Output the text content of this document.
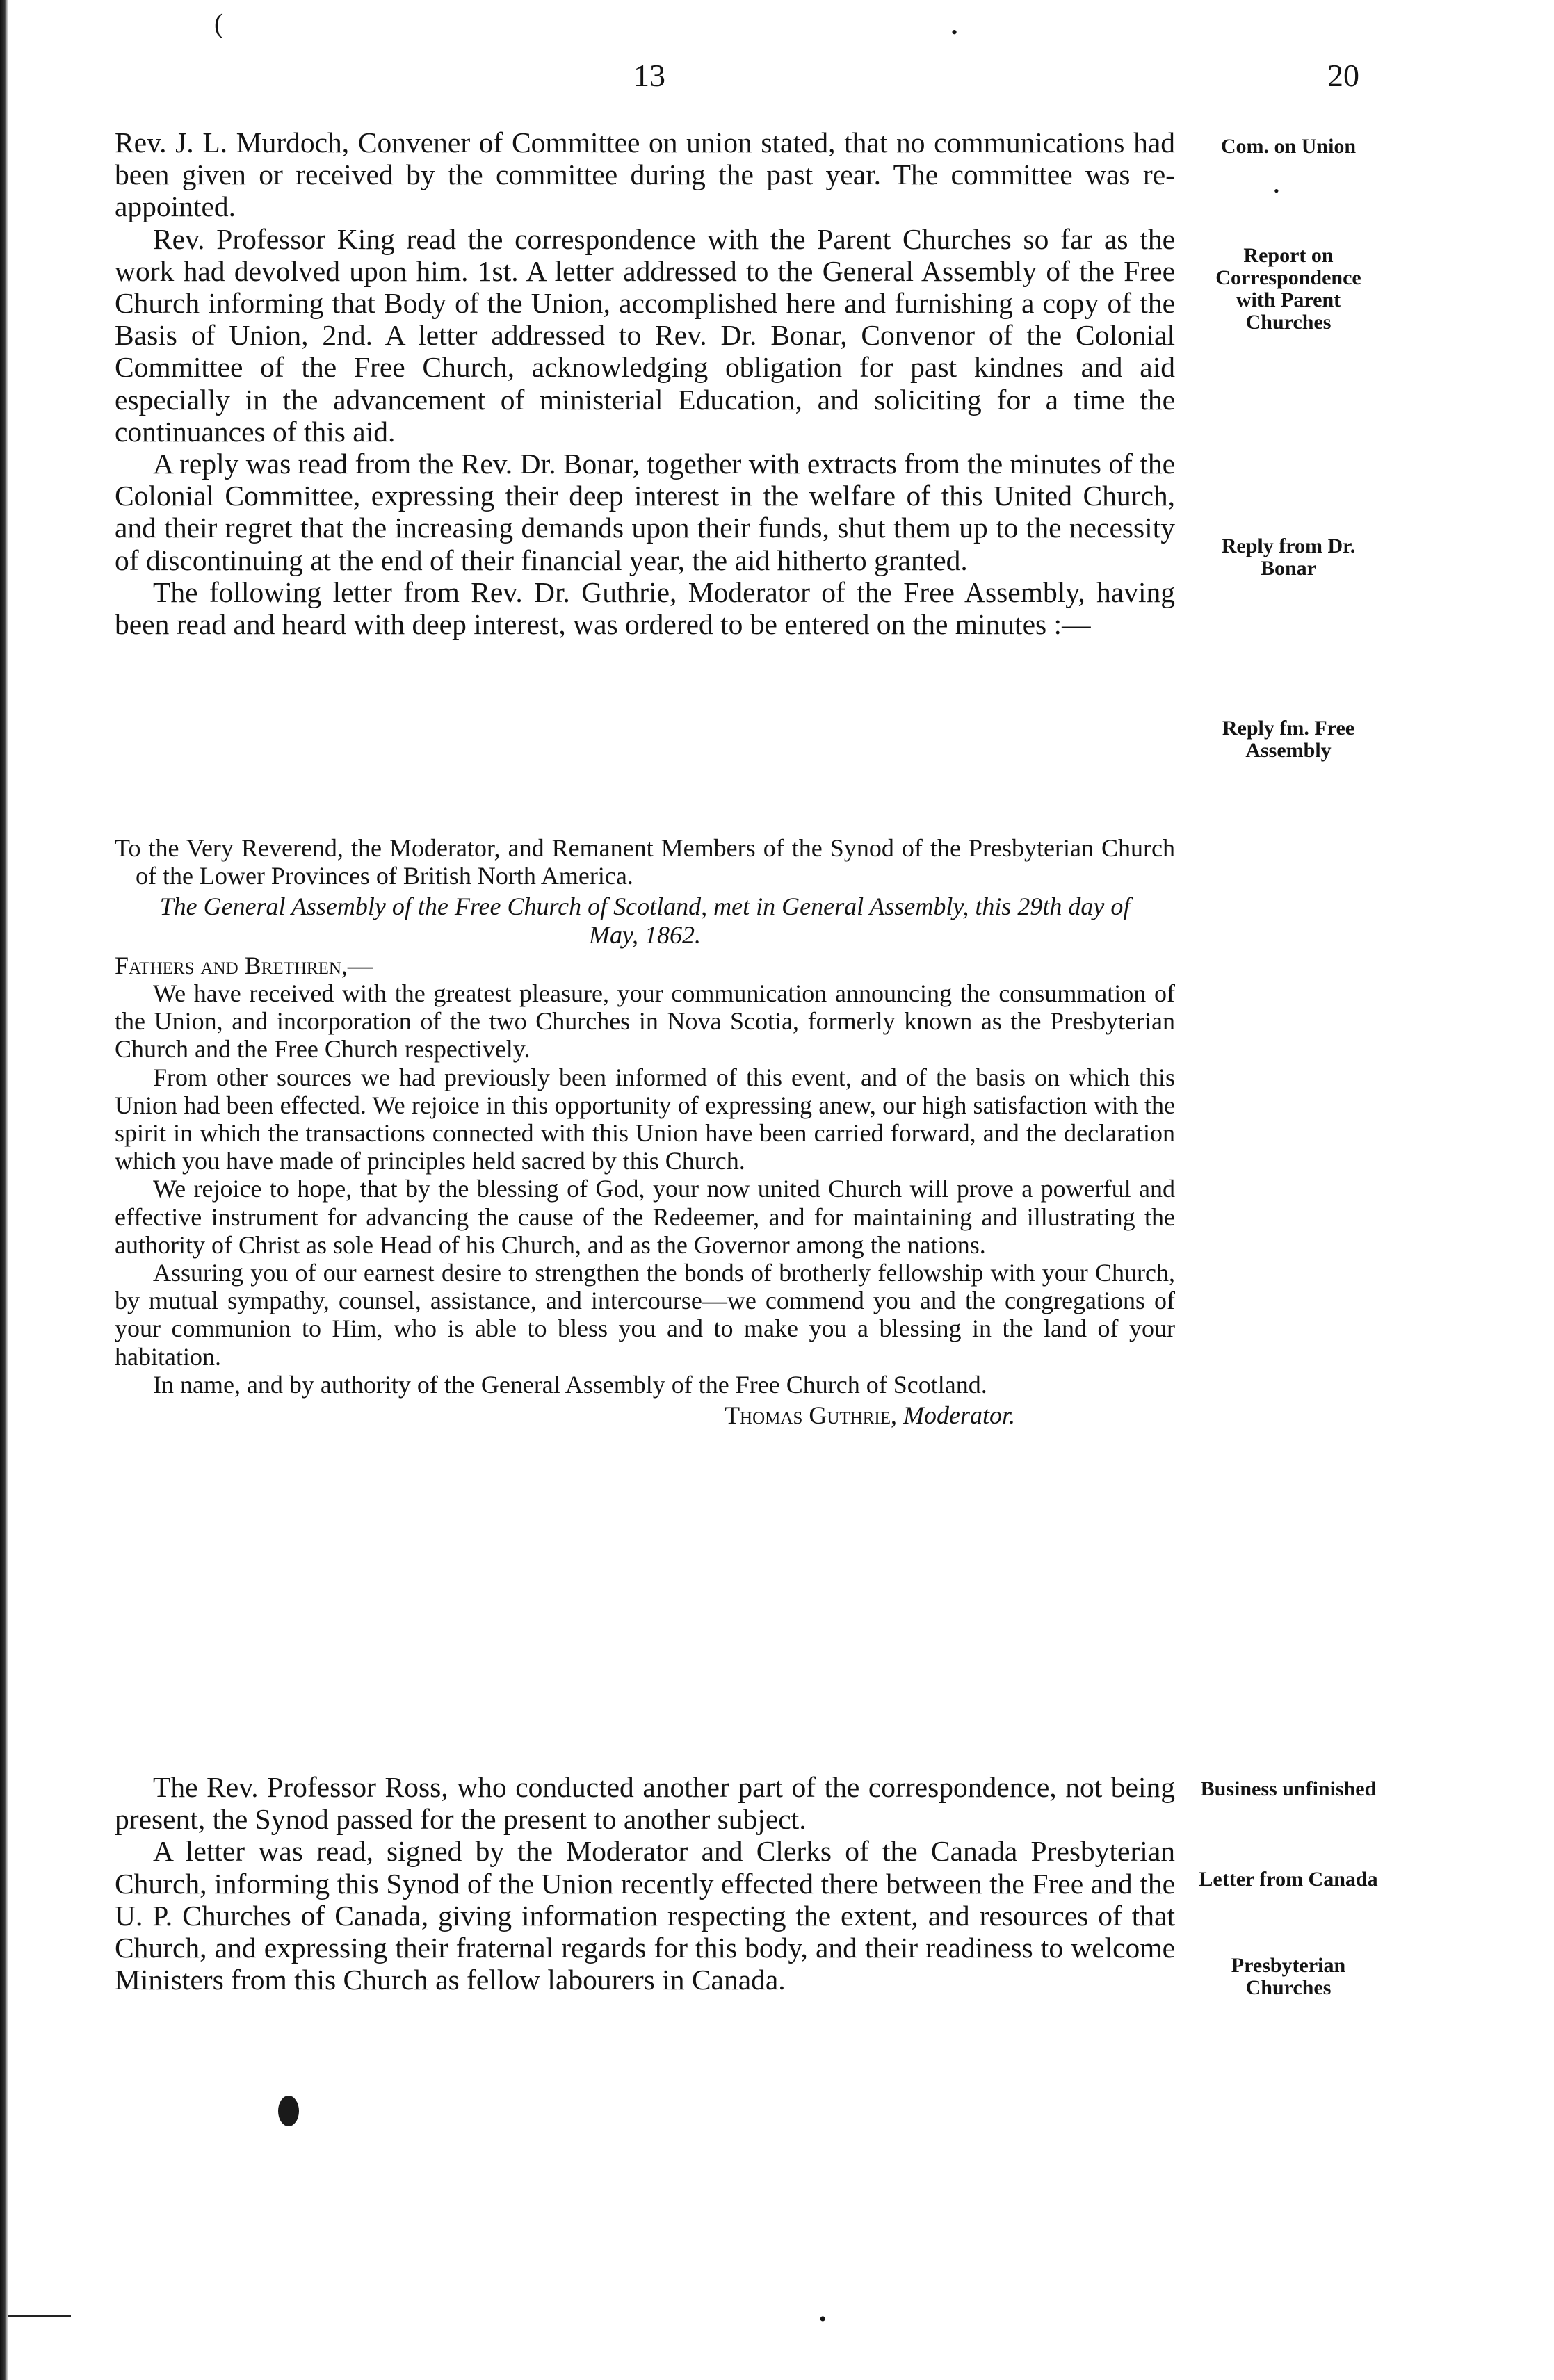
(	•
13	20

Rev. J. L. Murdoch, Convener of Committee on union stated, that no communications had been given or received by the committee during the past year. The committee was re-appointed.

Rev. Professor King read the correspondence with the Parent Churches so far as the work had devolved upon him. 1st. A letter addressed to the General Assembly of the Free Church informing that Body of the Union, accomplished here and furnishing a copy of the Basis of Union, 2nd. A letter addressed to Rev. Dr. Bonar, Convenor of the Colonial Committee of the Free Church, acknowledging obligation for past kindnes and aid especially in the advancement of ministerial Education, and soliciting for a time the continuances of this aid.

A reply was read from the Rev. Dr. Bonar, together with extracts from the minutes of the Colonial Committee, expressing their deep interest in the welfare of this United Church, and their regret that the increasing demands upon their funds, shut them up to the necessity of discontinuing at the end of their financial year, the aid hitherto granted.

The following letter from Rev. Dr. Guthrie, Moderator of the Free Assembly, having been read and heard with deep interest, was ordered to be entered on the minutes :—

To the Very Reverend, the Moderator, and Remanent Members of the Synod of the Presbyterian Church of the Lower Provinces of British North America.

The General Assembly of the Free Church of Scotland, met in General Assembly, this 29th day of May, 1862.

Fathers and Brethren,—

We have received with the greatest pleasure, your communication announcing the consummation of the Union, and incorporation of the two Churches in Nova Scotia, formerly known as the Presbyterian Church and the Free Church respectively.

From other sources we had previously been informed of this event, and of the basis on which this Union had been effected. We rejoice in this opportunity of expressing anew, our high satisfaction with the spirit in which the transactions connected with this Union have been carried forward, and the declaration which you have made of principles held sacred by this Church.

We rejoice to hope, that by the blessing of God, your now united Church will prove a powerful and effective instrument for advancing the cause of the Redeemer, and for maintaining and illustrating the authority of Christ as sole Head of his Church, and as the Governor among the nations.

Assuring you of our earnest desire to strengthen the bonds of brotherly fellowship with your Church, by mutual sympathy, counsel, assistance, and intercourse—we commend you and the congregations of your communion to Him, who is able to bless you and to make you a blessing in the land of your habitation.

In name, and by authority of the General Assembly of the Free Church of Scotland.

Thomas Guthrie, Moderator.

The Rev. Professor Ross, who conducted another part of the correspondence, not being present, the Synod passed for the present to another subject.

A letter was read, signed by the Moderator and Clerks of the Canada Presbyterian Church, informing this Synod of the Union recently effected there between the Free and the U. P. Churches of Canada, giving information respecting the extent, and resources of that Church, and expressing their fraternal regards for this body, and their readiness to welcome Ministers from this Church as fellow labourers in Canada.

Com. on Union
•
Report on Correspondence with Parent Churches
Reply from Dr. Bonar
Reply fm. Free Assembly
Business unfinished
Letter from Canada
Presbyterian Churches
•
